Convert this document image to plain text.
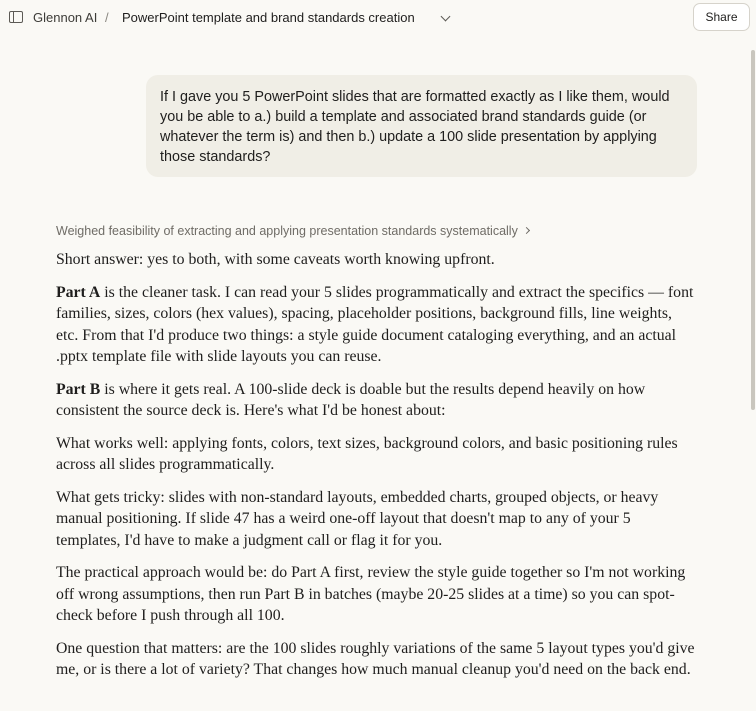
Glennon AI / PowerPoint template and brand standards creation	Share
If I gave you 5 PowerPoint slides that are formatted exactly as I like them, would you be able to a.) build a template and associated brand standards guide (or whatever the term is) and then b.) update a 100 slide presentation by applying those standards?
Weighed feasibility of extracting and applying presentation standards systematically

Short answer: yes to both, with some caveats worth knowing upfront.

Part A is the cleaner task. I can read your 5 slides programmatically and extract the specifics — font families, sizes, colors (hex values), spacing, placeholder positions, background fills, line weights, etc. From that I'd produce two things: a style guide document cataloging everything, and an actual .pptx template file with slide layouts you can reuse.

Part B is where it gets real. A 100-slide deck is doable but the results depend heavily on how consistent the source deck is. Here's what I'd be honest about:

What works well: applying fonts, colors, text sizes, background colors, and basic positioning rules across all slides programmatically.

What gets tricky: slides with non-standard layouts, embedded charts, grouped objects, or heavy manual positioning. If slide 47 has a weird one-off layout that doesn't map to any of your 5 templates, I'd have to make a judgment call or flag it for you.

The practical approach would be: do Part A first, review the style guide together so I'm not working off wrong assumptions, then run Part B in batches (maybe 20-25 slides at a time) so you can spot-check before I push through all 100.

One question that matters: are the 100 slides roughly variations of the same 5 layout types you'd give me, or is there a lot of variety? That changes how much manual cleanup you'd need on the back end.
